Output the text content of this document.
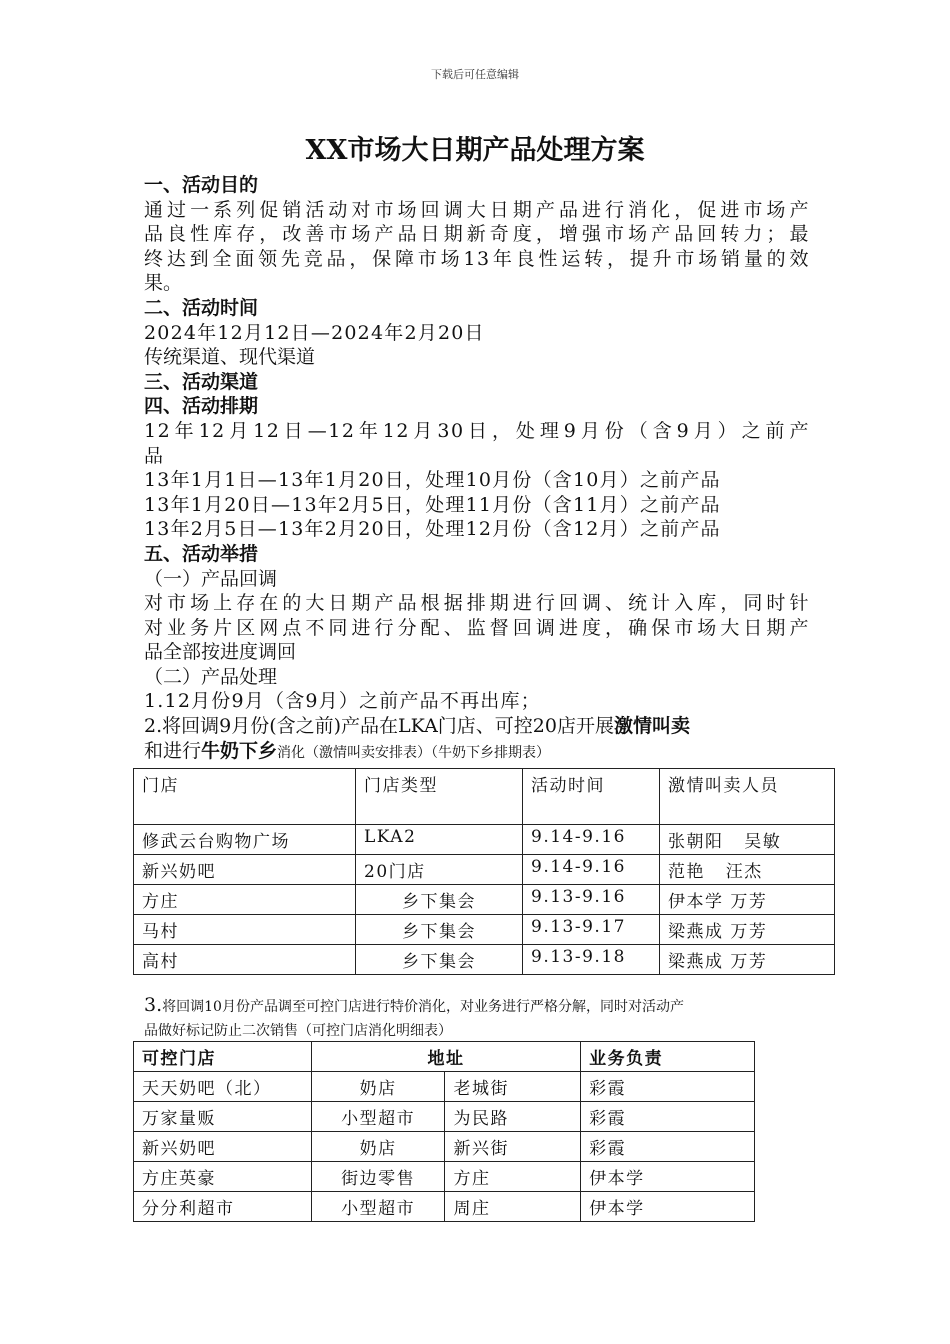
下载后可任意编辑
XX市场大日期产品处理方案
一、活动目的
通过一系列促销活动对市场回调大日期产品进行消化，促进市场产
品良性库存，改善市场产品日期新奇度，增强市场产品回转力；最
终达到全面领先竞品，保障市场13年良性运转，提升市场销量的效
果。
二、活动时间
2024年12月12日—2024年2月20日
传统渠道、现代渠道
三、活动渠道
四、活动排期
12年12月12日—12年12月30日，处理9月份（含9月）之前产
品
13年1月1日—13年1月20日，处理10月份（含10月）之前产品
13年1月20日—13年2月5日，处理11月份（含11月）之前产品
13年2月5日—13年2月20日，处理12月份（含12月）之前产品
五、活动举措
（一）产品回调
对市场上存在的大日期产品根据排期进行回调、统计入库，同时针
对业务片区网点不同进行分配、监督回调进度，确保市场大日期产
品全部按进度调回
（二）产品处理
1.12月份9月（含9月）之前产品不再出库；
2.将回调9月份(含之前)产品在LKA门店、可控20店开展激情叫卖
和进行牛奶下乡消化（激情叫卖安排表）（牛奶下乡排期表）
门店	门店类型	活动时间	激情叫卖人员
修武云台购物广场	LKA2	9.14-9.16	张朝阳   吴敏
新兴奶吧	20门店	9.14-9.16	范艳   汪杰
方庄	乡下集会	9.13-9.16	伊本学 万芳
马村	乡下集会	9.13-9.17	梁燕成 万芳
高村	乡下集会	9.13-9.18	梁燕成 万芳
3.将回调10月份产品调至可控门店进行特价消化，对业务进行严格分解，同时对活动产
品做好标记防止二次销售（可控门店消化明细表）
可控门店	地址		业务负责
天天奶吧（北）	奶店	老城街	彩霞
万家量贩	小型超市	为民路	彩霞
新兴奶吧	奶店	新兴街	彩霞
方庄英豪	街边零售	方庄	伊本学
分分利超市	小型超市	周庄	伊本学
